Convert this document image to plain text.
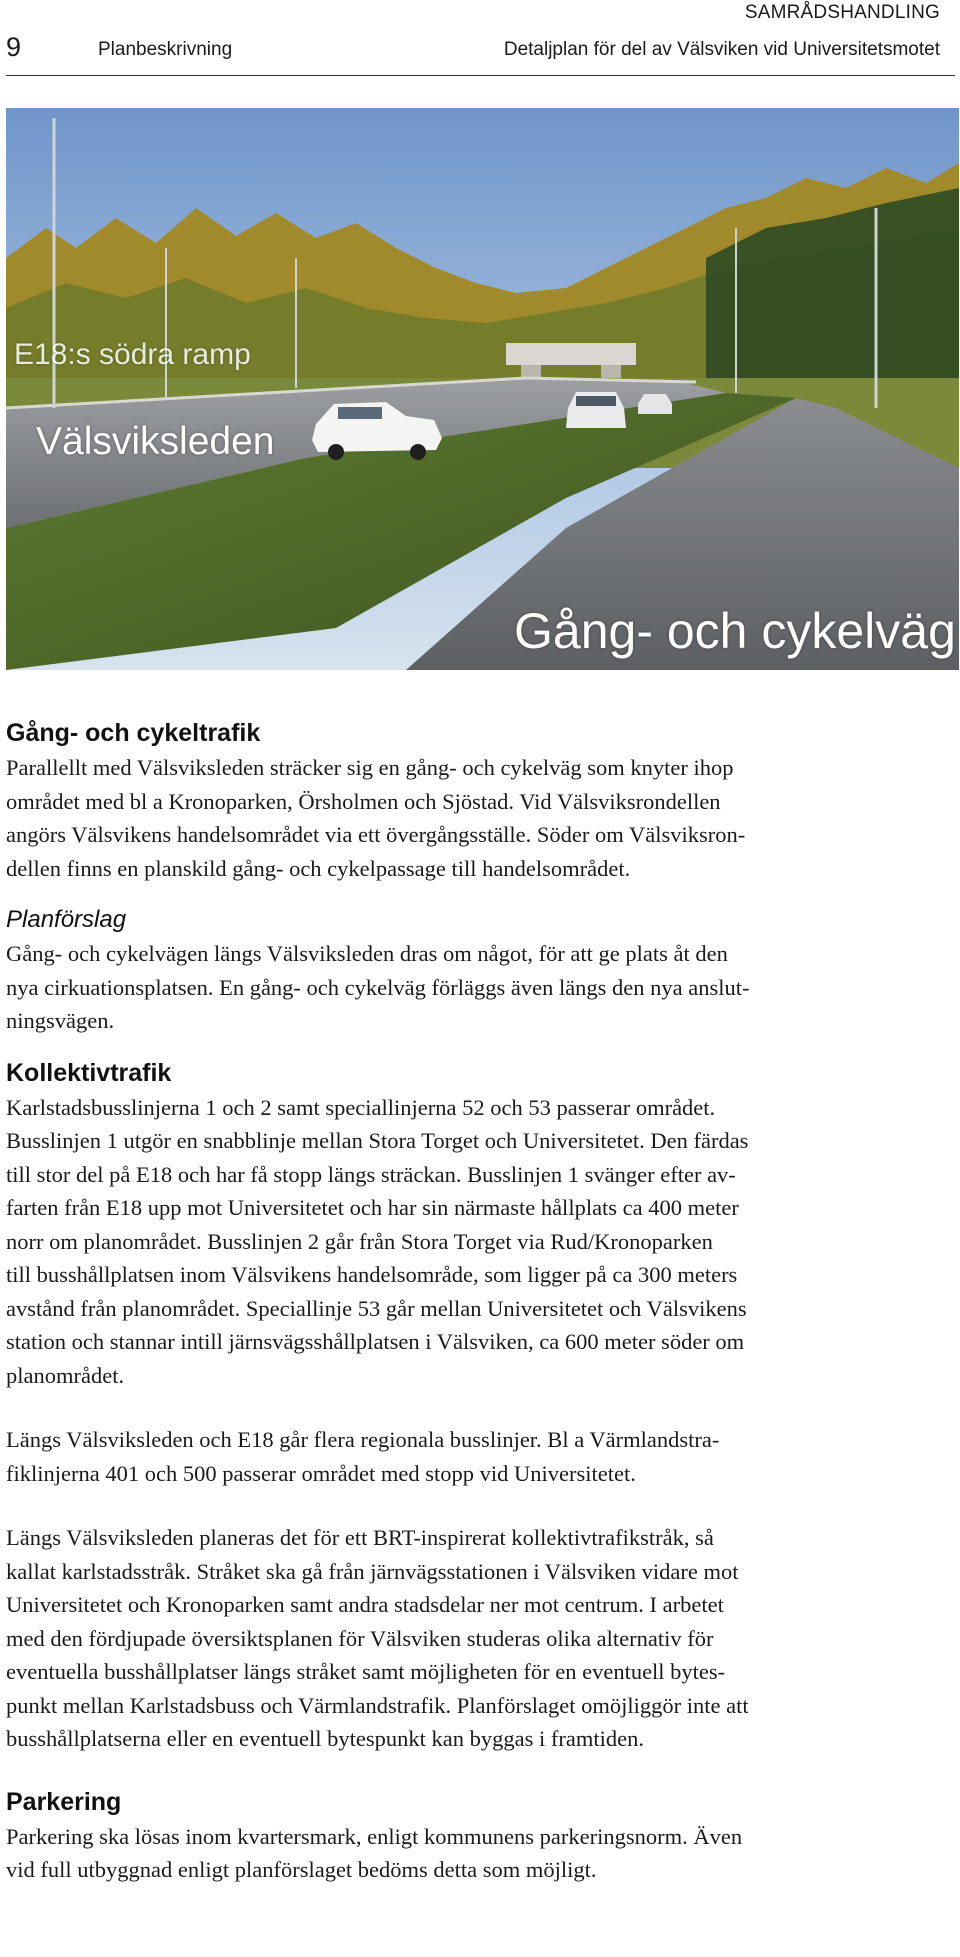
SAMRÅDSHANDLING
9	Planbeskrivning	Detaljplan för del av Välsviken vid Universitetsmotet
E18:s södra ramp
Välsviksleden
Gång- och cykelväg
Gång- och cykeltrafik

Parallellt med Välsviksleden sträcker sig en gång- och cykelväg som knyter ihop
området med bl a Kronoparken, Örsholmen och Sjöstad. Vid Välsviksrondellen
angörs Välsvikens handelsområdet via ett övergångsställe. Söder om Välsviksron-
dellen finns en planskild gång- och cykelpassage till handelsområdet.

Planförslag

Gång- och cykelvägen längs Välsviksleden dras om något, för att ge plats åt den
nya cirkuationsplatsen. En gång- och cykelväg förläggs även längs den nya anslut-
ningsvägen.

Kollektivtrafik

Karlstadsbusslinjerna 1 och 2 samt speciallinjerna 52 och 53 passerar området.
Busslinjen 1 utgör en snabblinje mellan Stora Torget och Universitetet. Den färdas
till stor del på E18 och har få stopp längs sträckan. Busslinjen 1 svänger efter av-
farten från E18 upp mot Universitetet och har sin närmaste hållplats ca 400 meter
norr om planområdet. Busslinjen 2 går från Stora Torget via Rud/Kronoparken
till busshållplatsen inom Välsvikens handelsområde, som ligger på ca 300 meters
avstånd från planområdet. Speciallinje 53 går mellan Universitetet och Välsvikens
station och stannar intill järnsvägsshållplatsen i Välsviken, ca 600 meter söder om
planområdet.

Längs Välsviksleden och E18 går flera regionala busslinjer. Bl a Värmlandstra-
fiklinjerna 401 och 500 passerar området med stopp vid Universitetet.

Längs Välsviksleden planeras det för ett BRT-inspirerat kollektivtrafikstråk, så
kallat karlstadsstråk. Stråket ska gå från järnvägsstationen i Välsviken vidare mot
Universitetet och Kronoparken samt andra stadsdelar ner mot centrum. I arbetet
med den fördjupade översiktsplanen för Välsviken studeras olika alternativ för
eventuella busshållplatser längs stråket samt möjligheten för en eventuell bytes-
punkt mellan Karlstadsbuss och Värmlandstrafik. Planförslaget omöjliggör inte att
busshållplatserna eller en eventuell bytespunkt kan byggas i framtiden.

Parkering

Parkering ska lösas inom kvartersmark, enligt kommunens parkeringsnorm. Även
vid full utbyggnad enligt planförslaget bedöms detta som möjligt.
